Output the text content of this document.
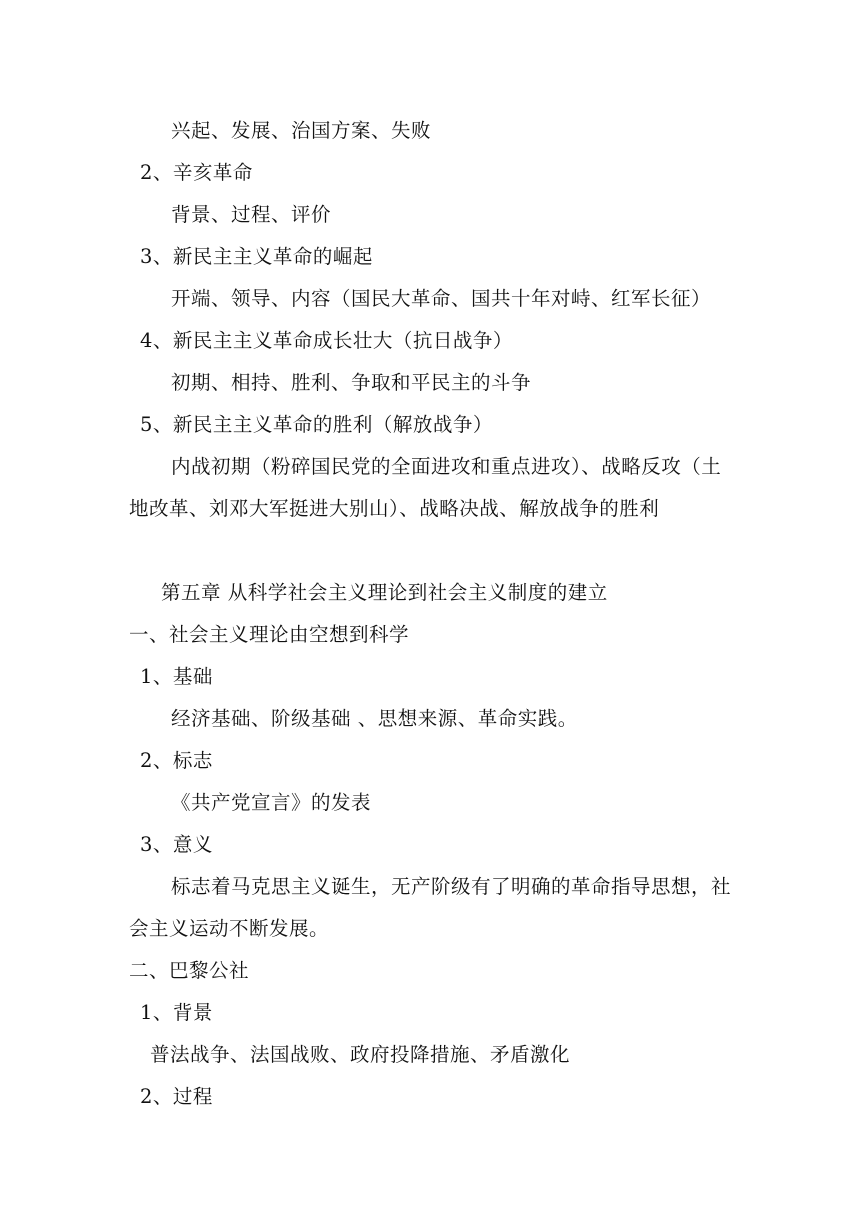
兴起、发展、治国方案、失败
2、辛亥革命
背景、过程、评价
3、新民主主义革命的崛起
开端、领导、内容（国民大革命、国共十年对峙、红军长征）
4、新民主主义革命成长壮大（抗日战争）
初期、相持、胜利、争取和平民主的斗争
5、新民主主义革命的胜利（解放战争）
内战初期（粉碎国民党的全面进攻和重点进攻）、战略反攻（土
地改革、刘邓大军挺进大别山）、战略决战、解放战争的胜利
第五章 从科学社会主义理论到社会主义制度的建立
一、社会主义理论由空想到科学
1、基础
经济基础、阶级基础 、思想来源、革命实践。
2、标志
《共产党宣言》的发表
3、意义
标志着马克思主义诞生，无产阶级有了明确的革命指导思想，社
会主义运动不断发展。
二、巴黎公社
1、背景
普法战争、法国战败、政府投降措施、矛盾激化
2、过程
